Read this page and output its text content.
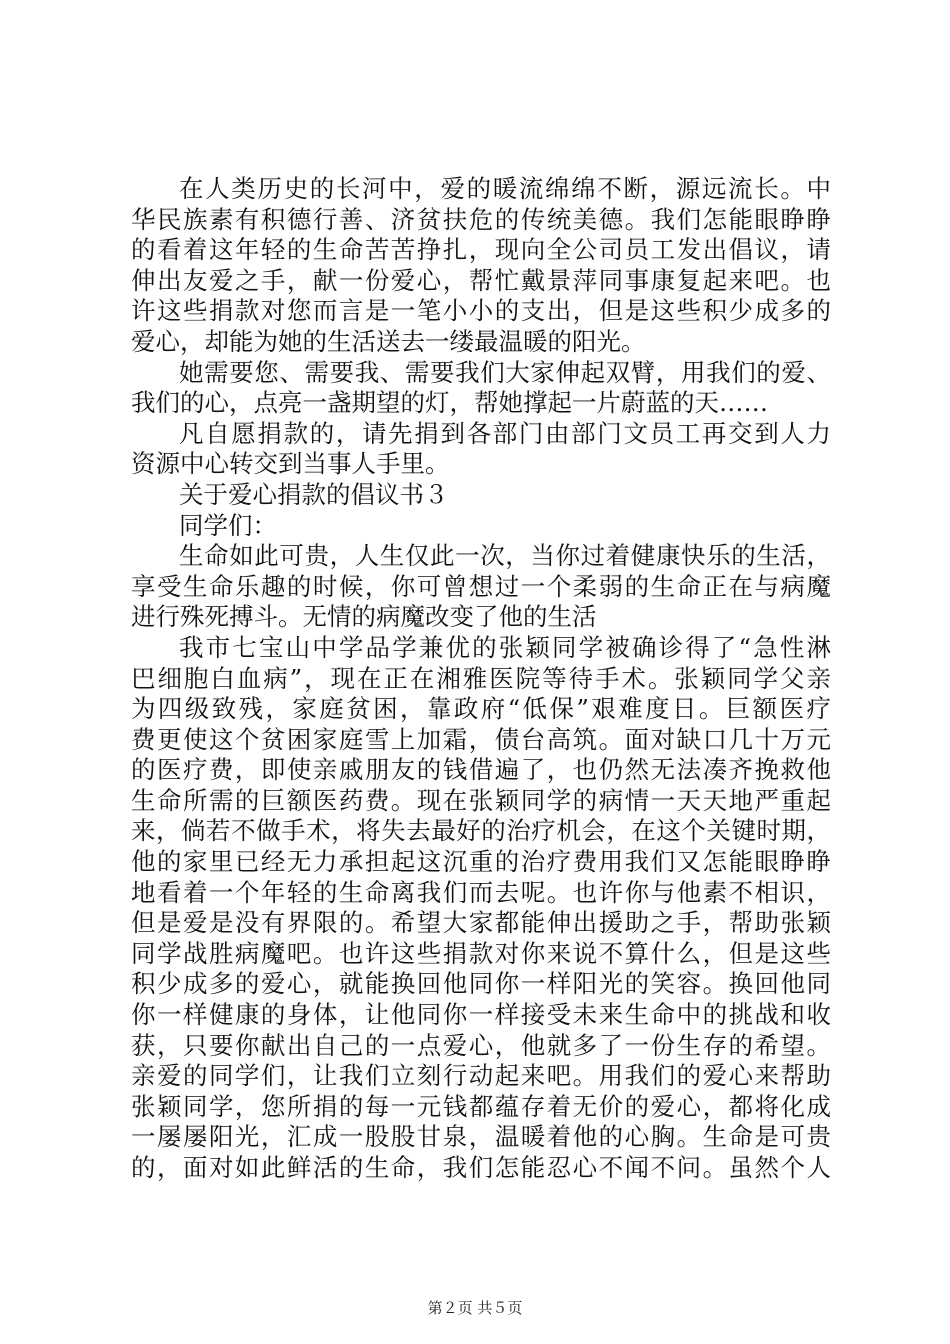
在人类历史的长河中，爱的暖流绵绵不断，源远流长。中
华民族素有积德行善、济贫扶危的传统美德。我们怎能眼睁睁
的看着这年轻的生命苦苦挣扎，现向全公司员工发出倡议，请
伸出友爱之手，献一份爱心，帮忙戴景萍同事康复起来吧。也
许这些捐款对您而言是一笔小小的支出，但是这些积少成多的
爱心，却能为她的生活送去一缕最温暖的阳光。
她需要您、需要我、需要我们大家伸起双臂，用我们的爱、
我们的心，点亮一盏期望的灯，帮她撑起一片蔚蓝的天……
凡自愿捐款的，请先捐到各部门由部门文员工再交到人力
资源中心转交到当事人手里。
关于爱心捐款的倡议书３
同学们：
生命如此可贵，人生仅此一次，当你过着健康快乐的生活，
享受生命乐趣的时候，你可曾想过一个柔弱的生命正在与病魔
进行殊死搏斗。无情的病魔改变了他的生活
我市七宝山中学品学兼优的张颖同学被确诊得了“急性淋
巴细胞白血病”，现在正在湘雅医院等待手术。张颖同学父亲
为四级致残，家庭贫困，靠政府“低保”艰难度日。巨额医疗
费更使这个贫困家庭雪上加霜，债台高筑。面对缺口几十万元
的医疗费，即使亲戚朋友的钱借遍了，也仍然无法凑齐挽救他
生命所需的巨额医药费。现在张颖同学的病情一天天地严重起
来，倘若不做手术，将失去最好的治疗机会，在这个关键时期，
他的家里已经无力承担起这沉重的治疗费用我们又怎能眼睁睁
地看着一个年轻的生命离我们而去呢。也许你与他素不相识，
但是爱是没有界限的。希望大家都能伸出援助之手，帮助张颖
同学战胜病魔吧。也许这些捐款对你来说不算什么，但是这些
积少成多的爱心，就能换回他同你一样阳光的笑容。换回他同
你一样健康的身体，让他同你一样接受未来生命中的挑战和收
获，只要你献出自己的一点爱心，他就多了一份生存的希望。
亲爱的同学们，让我们立刻行动起来吧。用我们的爱心来帮助
张颖同学，您所捐的每一元钱都蕴存着无价的爱心，都将化成
一屡屡阳光，汇成一股股甘泉，温暖着他的心胸。生命是可贵
的，面对如此鲜活的生命，我们怎能忍心不闻不问。虽然个人
第２页 共５页
